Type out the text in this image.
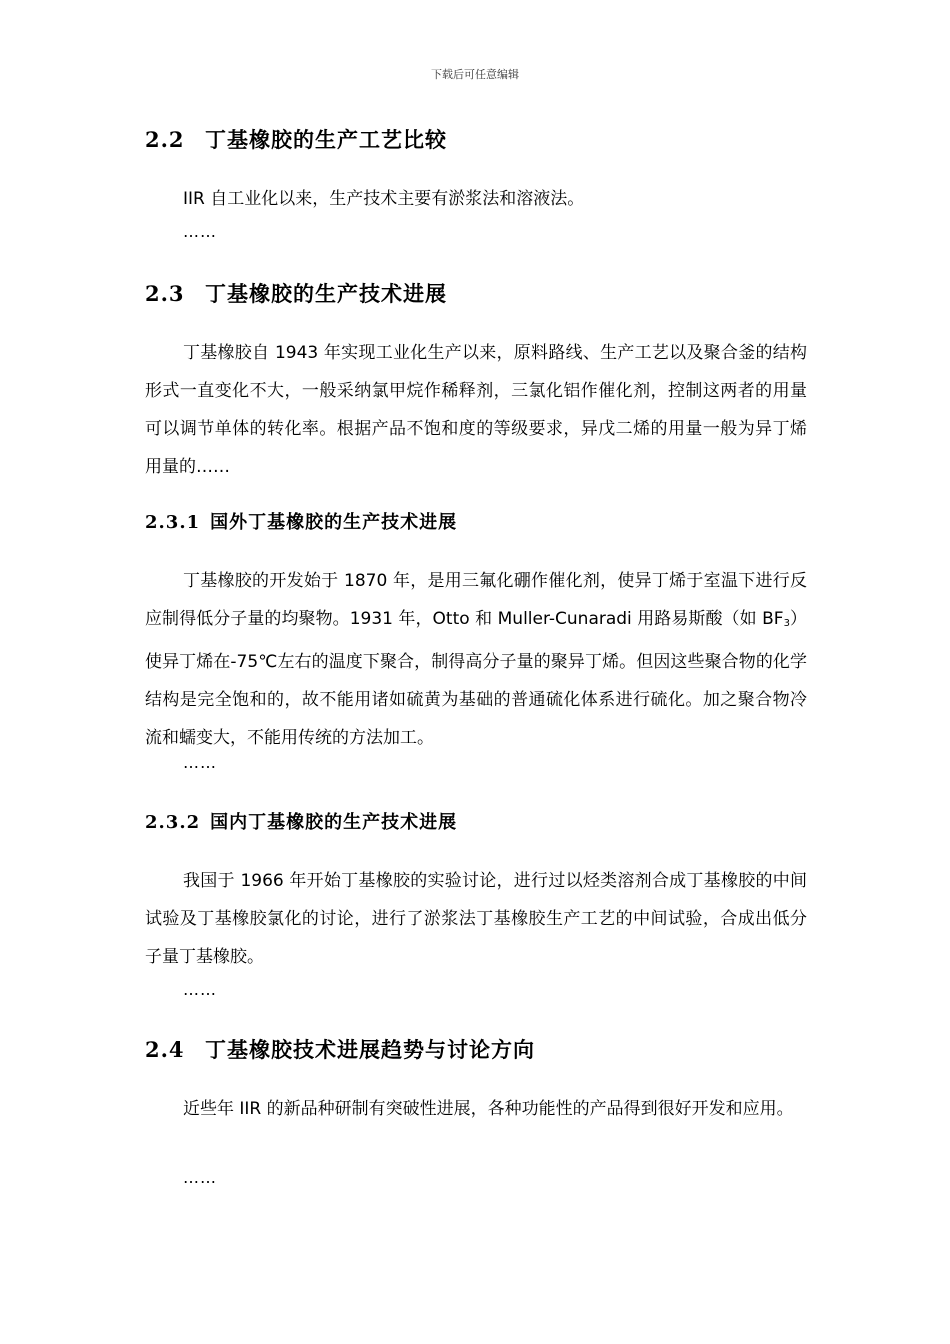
下载后可任意编辑
2.2 丁基橡胶的生产工艺比较
IIR 自工业化以来，生产技术主要有淤浆法和溶液法。
……
2.3 丁基橡胶的生产技术进展
丁基橡胶自 1943 年实现工业化生产以来，原料路线、生产工艺以及聚合釜的结构形式一直变化不大，一般采纳氯甲烷作稀释剂，三氯化铝作催化剂，控制这两者的用量可以调节单体的转化率。根据产品不饱和度的等级要求，异戊二烯的用量一般为异丁烯用量的……
2.3.1 国外丁基橡胶的生产技术进展
丁基橡胶的开发始于 1870 年，是用三氟化硼作催化剂，使异丁烯于室温下进行反应制得低分子量的均聚物。1931 年，Otto 和 Muller-Cunaradi 用路易斯酸（如 $BF_3$）使异丁烯在-75℃左右的温度下聚合，制得高分子量的聚异丁烯。但因这些聚合物的化学结构是完全饱和的，故不能用诸如硫黄为基础的普通硫化体系进行硫化。加之聚合物冷流和蠕变大，不能用传统的方法加工。
……
2.3.2 国内丁基橡胶的生产技术进展
我国于 1966 年开始丁基橡胶的实验讨论，进行过以烃类溶剂合成丁基橡胶的中间试验及丁基橡胶氯化的讨论，进行了淤浆法丁基橡胶生产工艺的中间试验，合成出低分子量丁基橡胶。
……
2.4 丁基橡胶技术进展趋势与讨论方向
近些年 IIR 的新品种研制有突破性进展，各种功能性的产品得到很好开发和应用。
……
